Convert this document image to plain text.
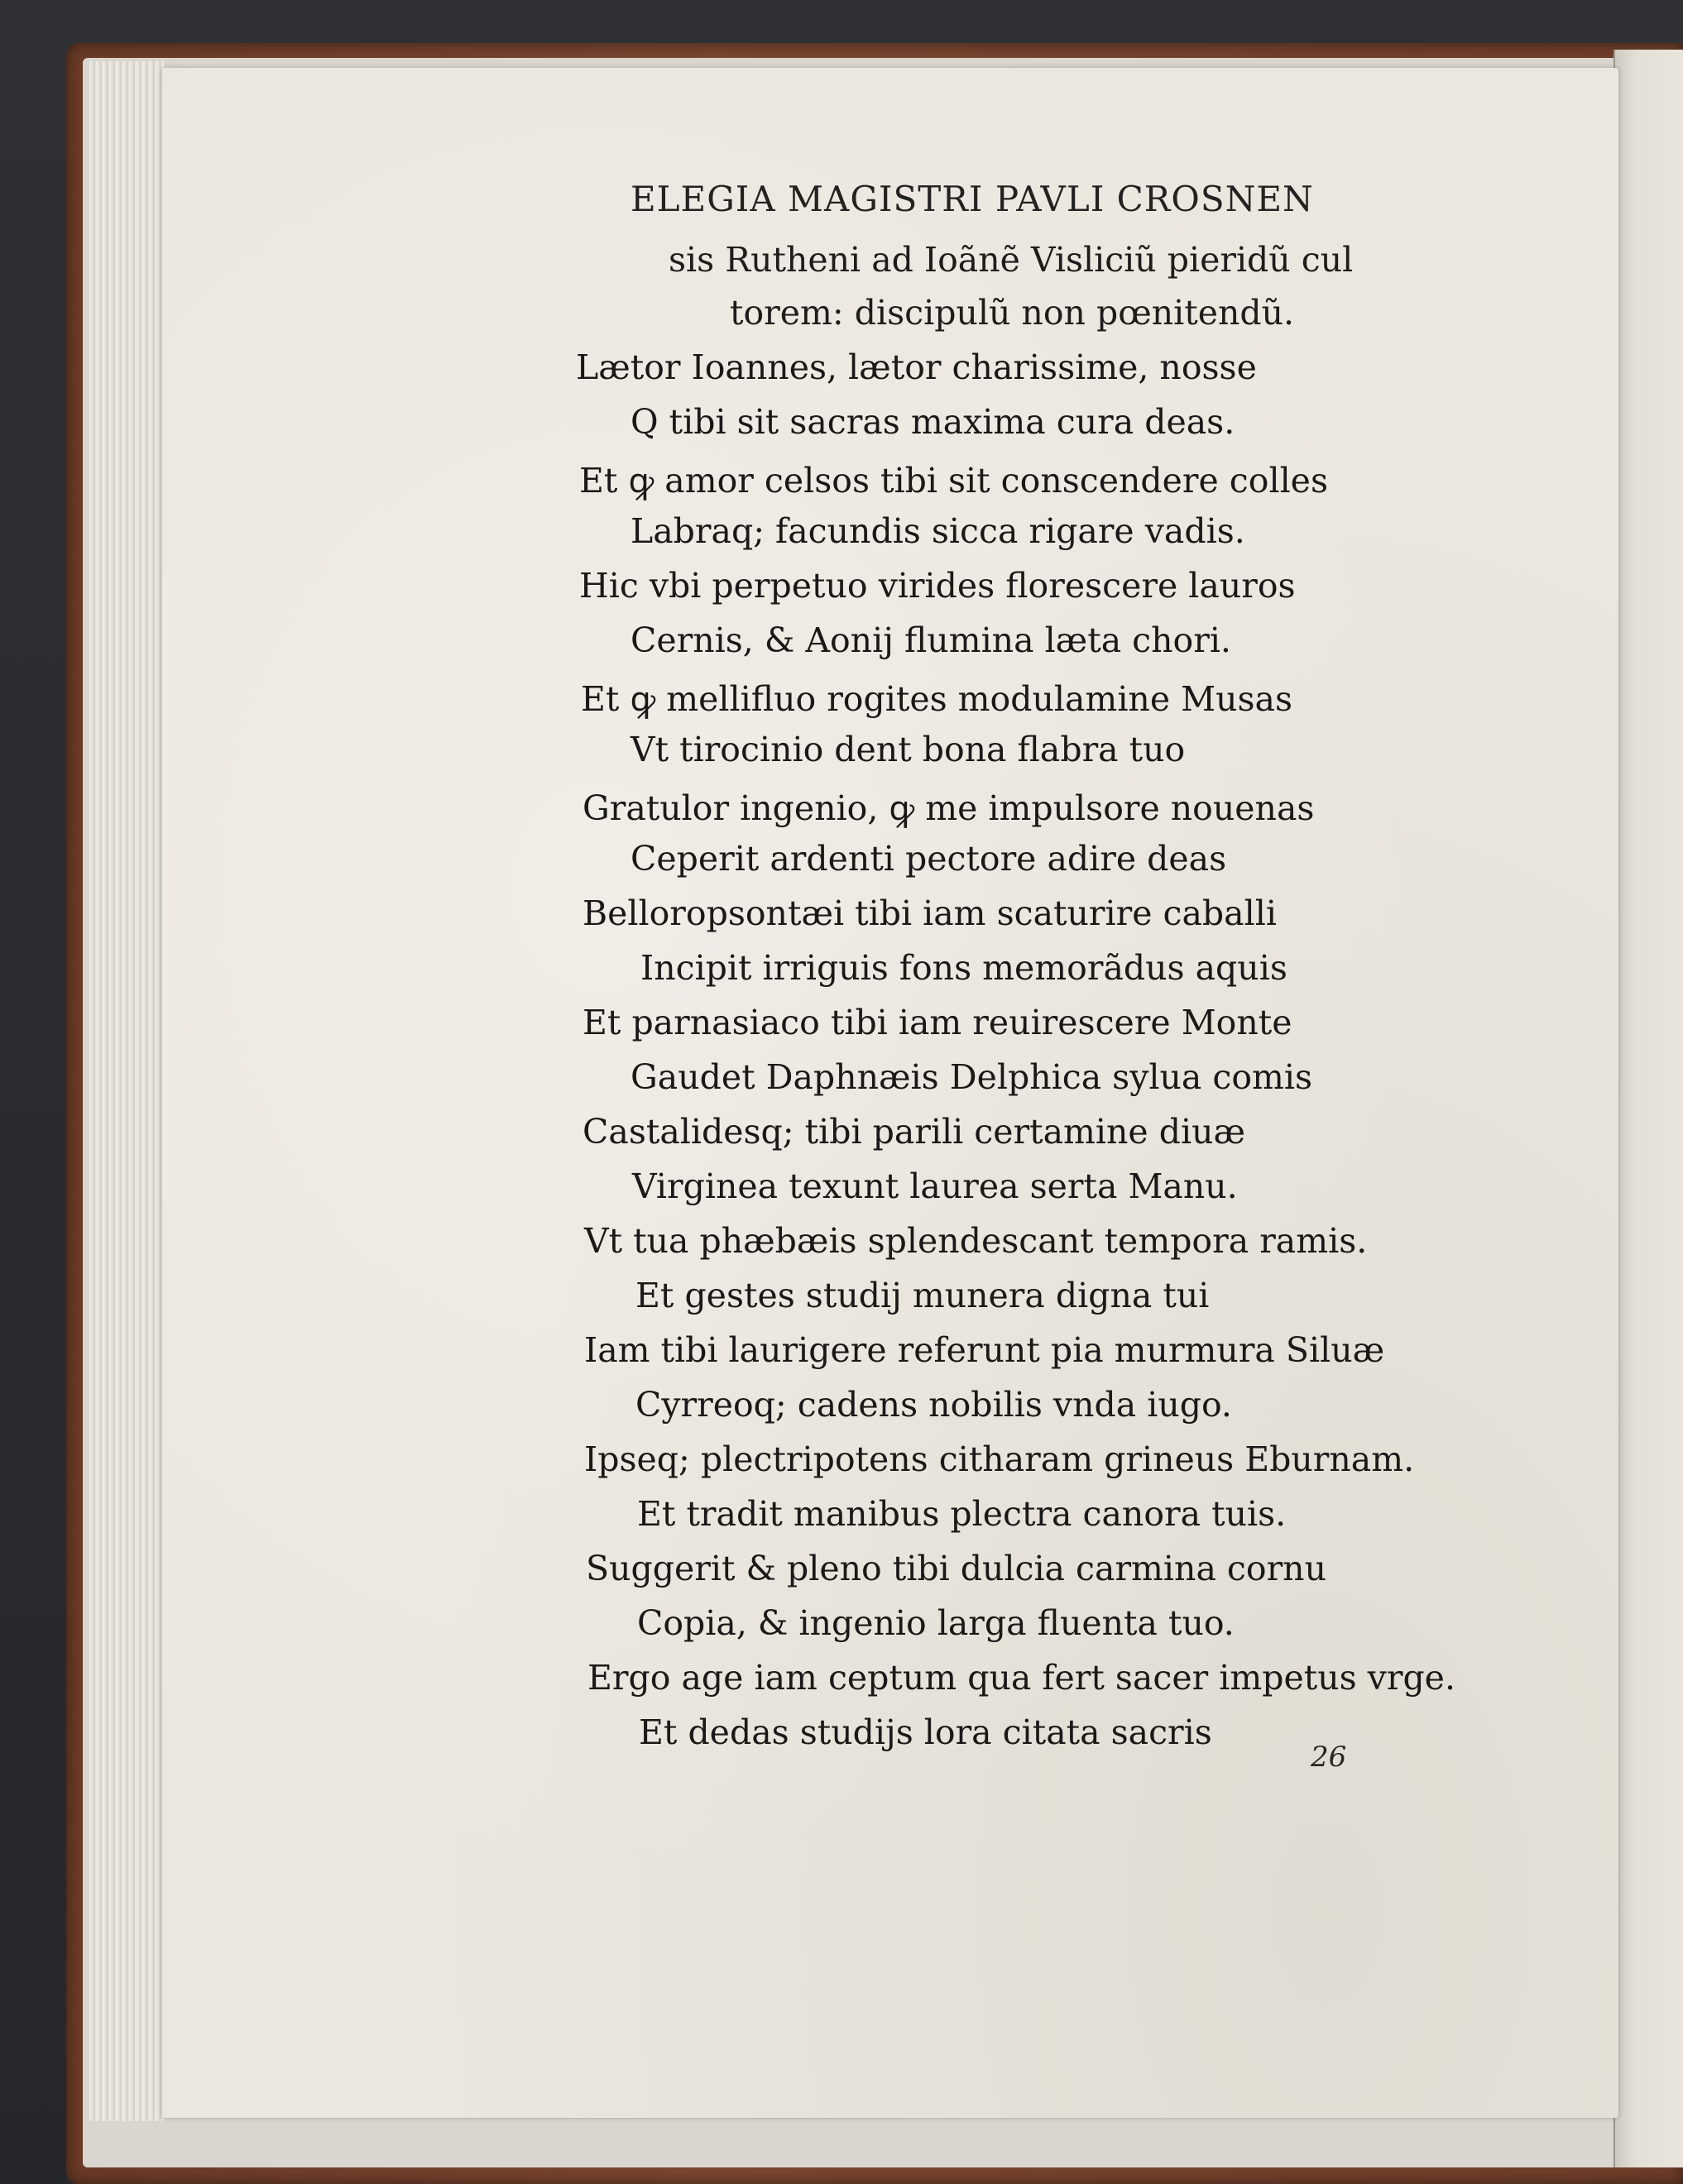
ELEGIA MAGISTRI PAVLI CROSNEN
sis Rutheni ad Ioãnẽ Visliciũ pieridũ cul
torem: discipulũ non pœnitendũ.
Lætor Ioannes, lætor charissime, nosse
Q tibi sit sacras maxima cura deas.
Et ꝙ amor celsos tibi sit conscendere colles
Labraq; facundis sicca rigare vadis.
Hic vbi perpetuo virides florescere lauros
Cernis, & Aonij flumina læta chori.
Et ꝙ mellifluo rogites modulamine Musas
Vt tirocinio dent bona flabra tuo
Gratulor ingenio, ꝙ me impulsore nouenas
Ceperit ardenti pectore adire deas
Belloropsontæi tibi iam scaturire caballi
Incipit irriguis fons memorãdus aquis
Et parnasiaco tibi iam reuirescere Monte
Gaudet Daphnæis Delphica sylua comis
Castalidesq; tibi parili certamine diuæ
Virginea texunt laurea serta Manu.
Vt tua phæbæis splendescant tempora ramis.
Et gestes studij munera digna tui
Iam tibi laurigere referunt pia murmura Siluæ
Cyrreoq; cadens nobilis vnda iugo.
Ipseq; plectripotens citharam grineus Eburnam.
Et tradit manibus plectra canora tuis.
Suggerit & pleno tibi dulcia carmina cornu
Copia, & ingenio larga fluenta tuo.
Ergo age iam ceptum qua fert sacer impetus vrge.
Et dedas studijs lora citata sacris
26
